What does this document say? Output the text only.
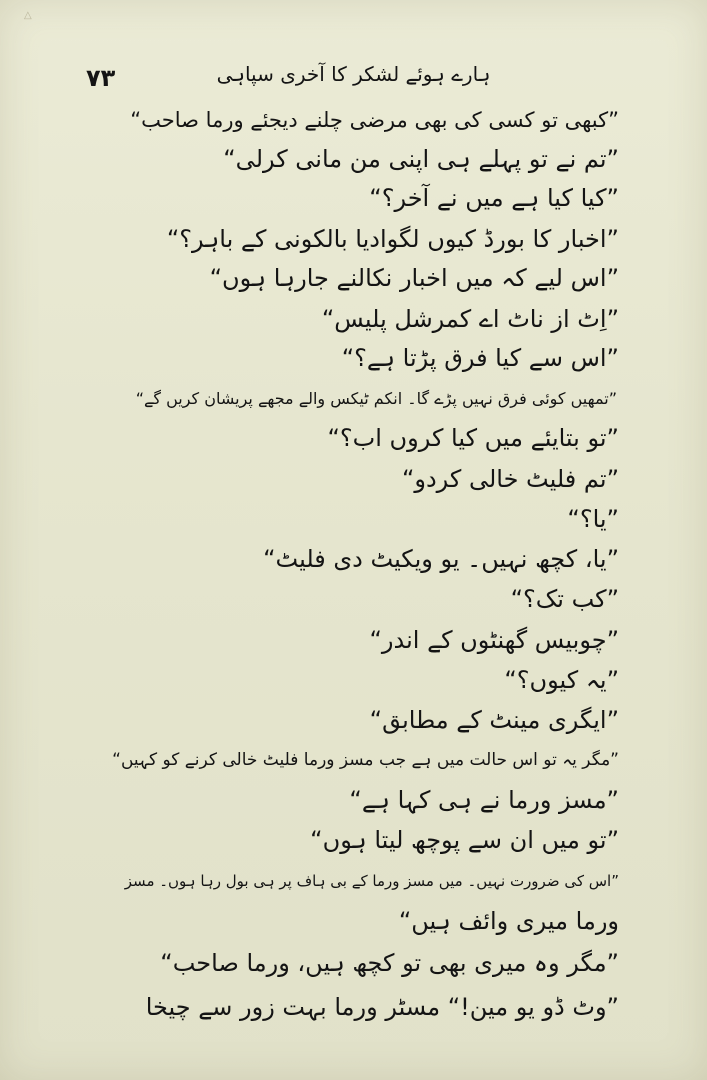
△
٧٣	ہارے ہوئے لشکر کا آخری سپاہی
”کبھی تو کسی کی بھی مرضی چلنے دیجئے ورما صاحب“
”تم نے تو پہلے ہی اپنی من مانی کرلی“
”کیا کیا ہے میں نے آخر؟“
”اخبار کا بورڈ کیوں لگوادیا بالکونی کے باہر؟“
”اس لیے کہ میں اخبار نکالنے جارہا ہوں“
”اِٹ از ناٹ اے کمرشل پلیس“
”اس سے کیا فرق پڑتا ہے؟“
”تمھیں کوئی فرق نہیں پڑے گا۔ انکم ٹیکس والے مجھے پریشان کریں گے“
”تو بتایئے میں کیا کروں اب؟“
”تم فلیٹ خالی کردو“
”یا؟“
”یا، کچھ نہیں۔ یو ویکیٹ دی فلیٹ“
”کب تک؟“
”چوبیس گھنٹوں کے اندر“
”یہ کیوں؟“
”ایگری مینٹ کے مطابق“
”مگر یہ تو اس حالت میں ہے جب مسز ورما فلیٹ خالی کرنے کو کہیں“
”مسز ورما نے ہی کہا ہے“
”تو میں ان سے پوچھ لیتا ہوں“
”اس کی ضرورت نہیں۔ میں مسز ورما کے بی ہاف پر ہی بول رہا ہوں۔ مسز
ورما میری وائف ہیں“
”مگر وہ میری بھی تو کچھ ہیں، ورما صاحب“
”وٹ ڈو یو مین!“ مسٹر ورما بہت زور سے چیخا
